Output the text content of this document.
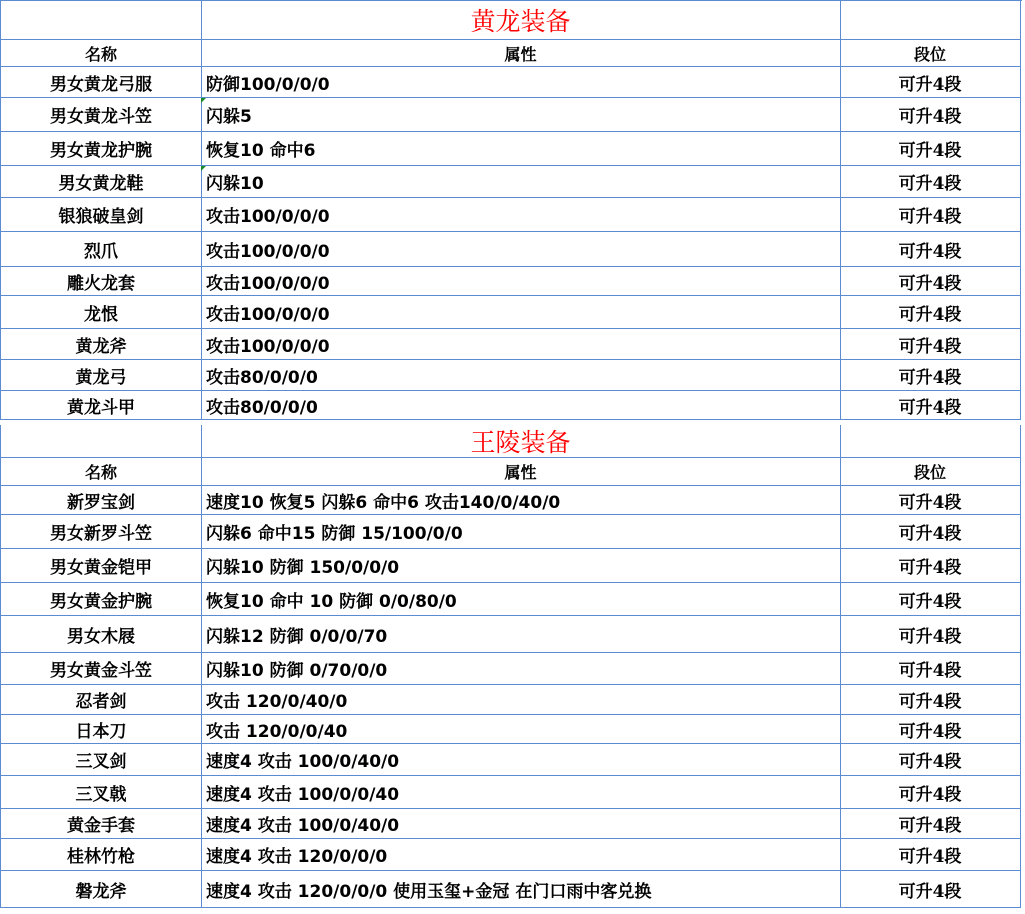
黄龙装备
名称	属性	段位
男女黄龙弓服	防御100/0/0/0	可升4段
男女黄龙斗笠	闪躲5	可升4段
男女黄龙护腕	恢复10 命中6	可升4段
男女黄龙鞋	闪躲10	可升4段
银狼破皇剑	攻击100/0/0/0	可升4段
烈爪	攻击100/0/0/0	可升4段
雕火龙套	攻击100/0/0/0	可升4段
龙恨	攻击100/0/0/0	可升4段
黄龙斧	攻击100/0/0/0	可升4段
黄龙弓	攻击80/0/0/0	可升4段
黄龙斗甲	攻击80/0/0/0	可升4段
王陵装备
名称	属性	段位
新罗宝剑	速度10 恢复5 闪躲6 命中6 攻击140/0/40/0	可升4段
男女新罗斗笠	闪躲6 命中15 防御 15/100/0/0	可升4段
男女黄金铠甲	闪躲10 防御 150/0/0/0	可升4段
男女黄金护腕	恢复10 命中 10 防御 0/0/80/0	可升4段
男女木屐	闪躲12 防御 0/0/0/70	可升4段
男女黄金斗笠	闪躲10 防御 0/70/0/0	可升4段
忍者剑	攻击 120/0/40/0	可升4段
日本刀	攻击 120/0/0/40	可升4段
三叉剑	速度4 攻击 100/0/40/0	可升4段
三叉戟	速度4 攻击 100/0/0/40	可升4段
黄金手套	速度4 攻击 100/0/40/0	可升4段
桂林竹枪	速度4 攻击 120/0/0/0	可升4段
磐龙斧	速度4 攻击 120/0/0/0 使用玉玺+金冠 在门口雨中客兑换	可升4段
